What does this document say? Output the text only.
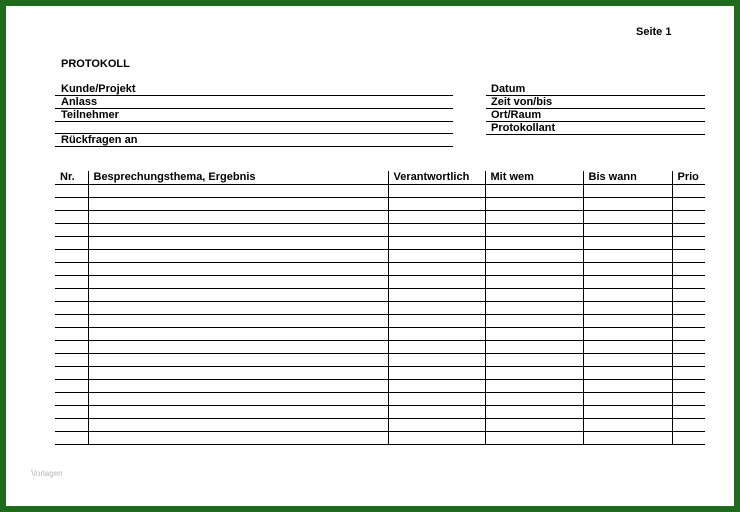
Seite 1
PROTOKOLL
Kunde/Projekt
Anlass
Teilnehmer
Rückfragen an
Datum
Zeit von/bis
Ort/Raum
Protokollant
Nr.	Besprechungsthema, Ergebnis	Verantwortlich	Mit wem	Bis wann	Prio

Vorlagen
